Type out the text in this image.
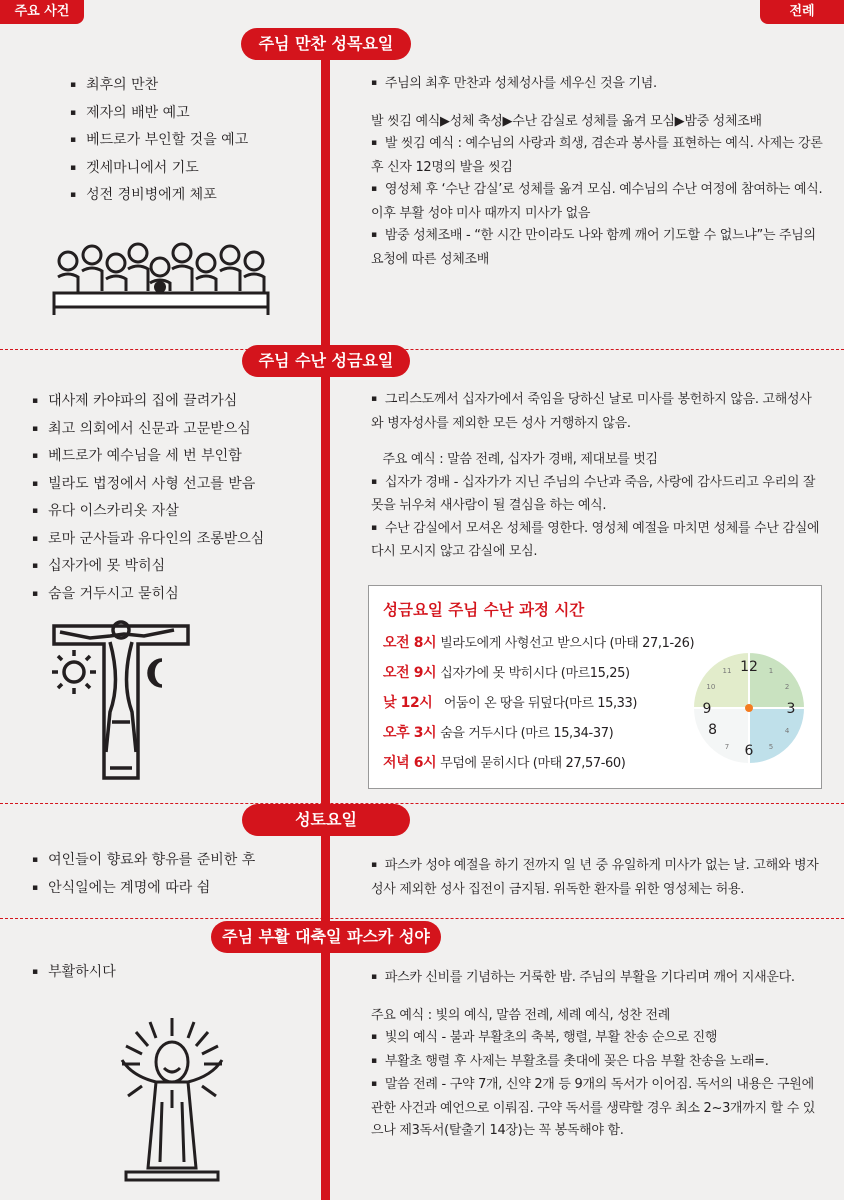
주요 사건	전례
주님 만찬 성목요일
▪ 최후의 만찬
▪ 제자의 배반 예고
▪ 베드로가 부인할 것을 예고
▪ 겟세마니에서 기도
▪ 성전 경비병에게 체포

▪ 주님의 최후 만찬과 성체성사를 세우신 것을 기념.

발 씻김 예식▶성체 축성▶수난 감실로 성체를 옮겨 모심▶밤중 성체조배

▪ 발 씻김 예식 : 예수님의 사랑과 희생, 겸손과 봉사를 표현하는 예식. 사제는 강론 후 신자 12명의 발을 씻김

▪ 영성체 후 ‘수난 감실’로 성체를 옮겨 모심. 예수님의 수난 여정에 참여하는 예식. 이후 부활 성야 미사 때까지 미사가 없음

▪ 밤중 성체조배 - “한 시간 만이라도 나와 함께 깨어 기도할 수 없느냐”는 주님의 요청에 따른 성체조배

주님 수난 성금요일
▪ 대사제 카야파의 집에 끌려가심
▪ 최고 의회에서 신문과 고문받으심
▪ 베드로가 예수님을 세 번 부인함
▪ 빌라도 법정에서 사형 선고를 받음
▪ 유다 이스카리옷 자살
▪ 로마 군사들과 유다인의 조롱받으심
▪ 십자가에 못 박히심
▪ 숨을 거두시고 묻히심

▪ 그리스도께서 십자가에서 죽임을 당하신 날로 미사를 봉헌하지 않음. 고해성사와 병자성사를 제외한 모든 성사 거행하지 않음.

주요 예식 : 말씀 전례, 십자가 경배, 제대보를 벗김

▪ 십자가 경배 - 십자가가 지닌 주님의 수난과 죽음, 사랑에 감사드리고 우리의 잘못을 뉘우쳐 새사람이 될 결심을 하는 예식.

▪ 수난 감실에서 모셔온 성체를 영한다. 영성체 예절을 마치면 성체를 수난 감실에 다시 모시지 않고 감실에 모심.

성금요일 주님 수난 과정 시간
오전 8시 빌라도에게 사형선고 받으시다 (마태 27,1-26)
오전 9시 십자가에 못 박히시다 (마르15,25)
낮 12시  어둠이 온 땅을 뒤덮다(마르 15,33)
오후 3시 숨을 거두시다 (마르 15,34-37)
저녁 6시 무덤에 묻히시다 (마태 27,57-60)
12 1
2
3
4
5
6
7
8
9
10
11
성토요일
▪ 여인들이 향료와 향유를 준비한 후
▪ 안식일에는 계명에 따라 쉼

▪ 파스카 성야 예절을 하기 전까지 일 년 중 유일하게 미사가 없는 날. 고해와 병자성사 제외한 성사 집전이 금지됨. 위독한 환자를 위한 영성체는 허용.

주님 부활 대축일 파스카 성야
▪ 부활하시다

▪	파스카 신비를 기념하는 거룩한 밤. 주님의 부활을 기다리며 깨어 지새운다.

주요 예식 : 빛의 예식, 말씀 전례, 세례 예식, 성찬 전례

▪ 빛의 예식 - 불과 부활초의 축복, 행렬, 부활 찬송 순으로 진행

▪ 부활초 행렬 후 사제는 부활초를 촛대에 꽂은 다음 부활 찬송을 노래=.

▪ 말씀 전례 - 구약 7개, 신약 2개 등 9개의 독서가 이어짐. 독서의 내용은 구원에 관한 사건과 예언으로 이뤄짐. 구약 독서를 생략할 경우 최소 2~3개까지 할 수 있으나 제3독서(탈출기 14장)는 꼭 봉독해야 함.
